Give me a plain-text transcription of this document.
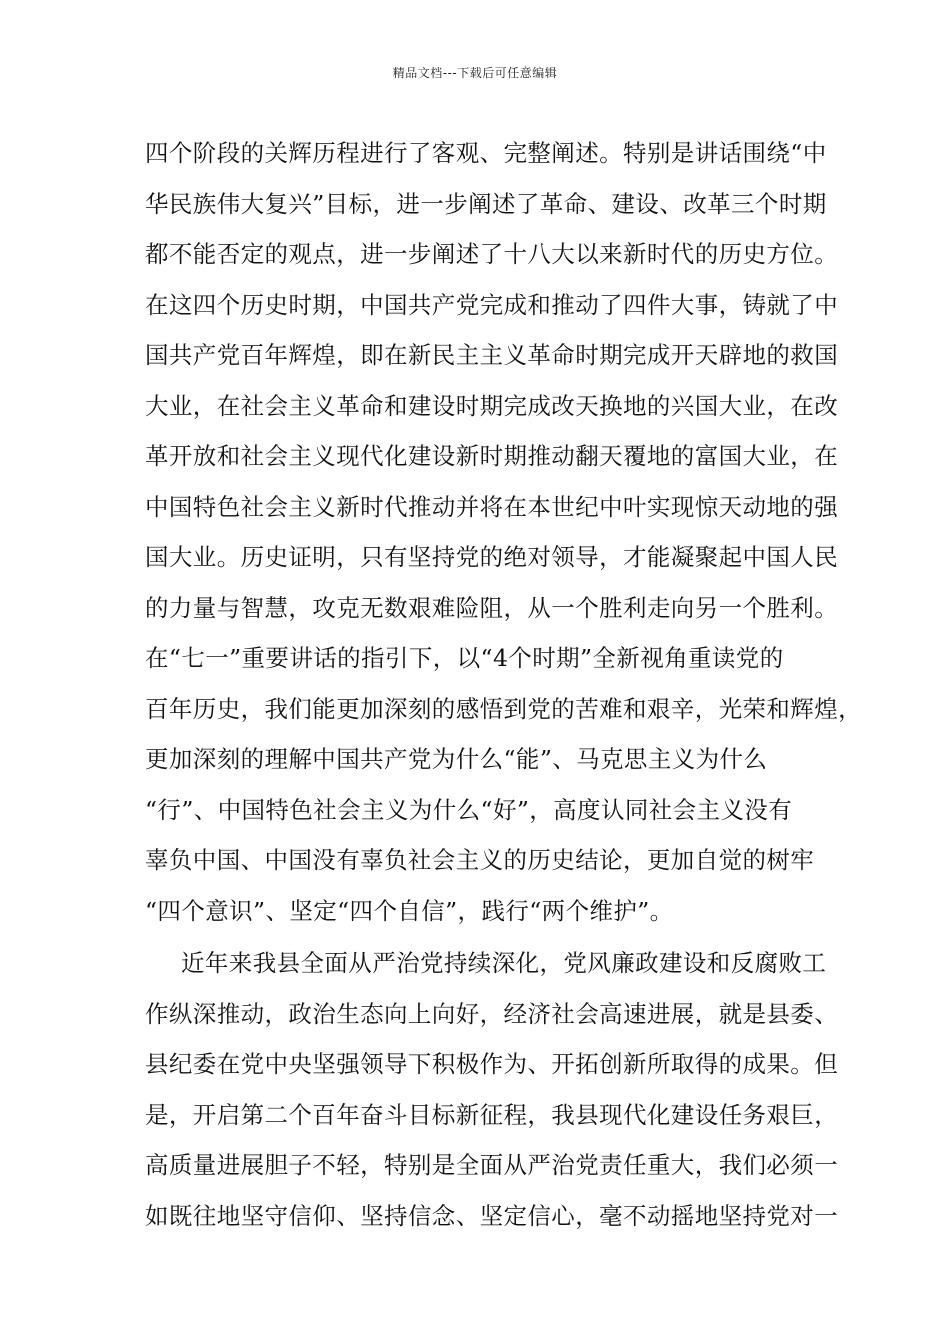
精品文档---下载后可任意编辑
四个阶段的关辉历程进行了客观、完整阐述。特别是讲话围绕“中
华民族伟大复兴”目标，进一步阐述了革命、建设、改革三个时期
都不能否定的观点，进一步阐述了十八大以来新时代的历史方位。
在这四个历史时期，中国共产党完成和推动了四件大事，铸就了中
国共产党百年辉煌，即在新民主主义革命时期完成开天辟地的救国
大业，在社会主义革命和建设时期完成改天换地的兴国大业，在改
革开放和社会主义现代化建设新时期推动翻天覆地的富国大业，在
中国特色社会主义新时代推动并将在本世纪中叶实现惊天动地的强
国大业。历史证明，只有坚持党的绝对领导，才能凝聚起中国人民
的力量与智慧，攻克无数艰难险阻，从一个胜利走向另一个胜利。
在“七一”重要讲话的指引下，以“4个时期”全新视角重读党的
百年历史，我们能更加深刻的感悟到党的苦难和艰辛，光荣和辉煌，
更加深刻的理解中国共产党为什么“能”、马克思主义为什么
“行”、中国特色社会主义为什么“好”，高度认同社会主义没有
辜负中国、中国没有辜负社会主义的历史结论，更加自觉的树牢
“四个意识”、坚定“四个自信”，践行“两个维护”。
近年来我县全面从严治党持续深化，党风廉政建设和反腐败工
作纵深推动，政治生态向上向好，经济社会高速进展，就是县委、
县纪委在党中央坚强领导下积极作为、开拓创新所取得的成果。但
是，开启第二个百年奋斗目标新征程，我县现代化建设任务艰巨，
高质量进展胆子不轻，特别是全面从严治党责任重大，我们必须一
如既往地坚守信仰、坚持信念、坚定信心，毫不动摇地坚持党对一
